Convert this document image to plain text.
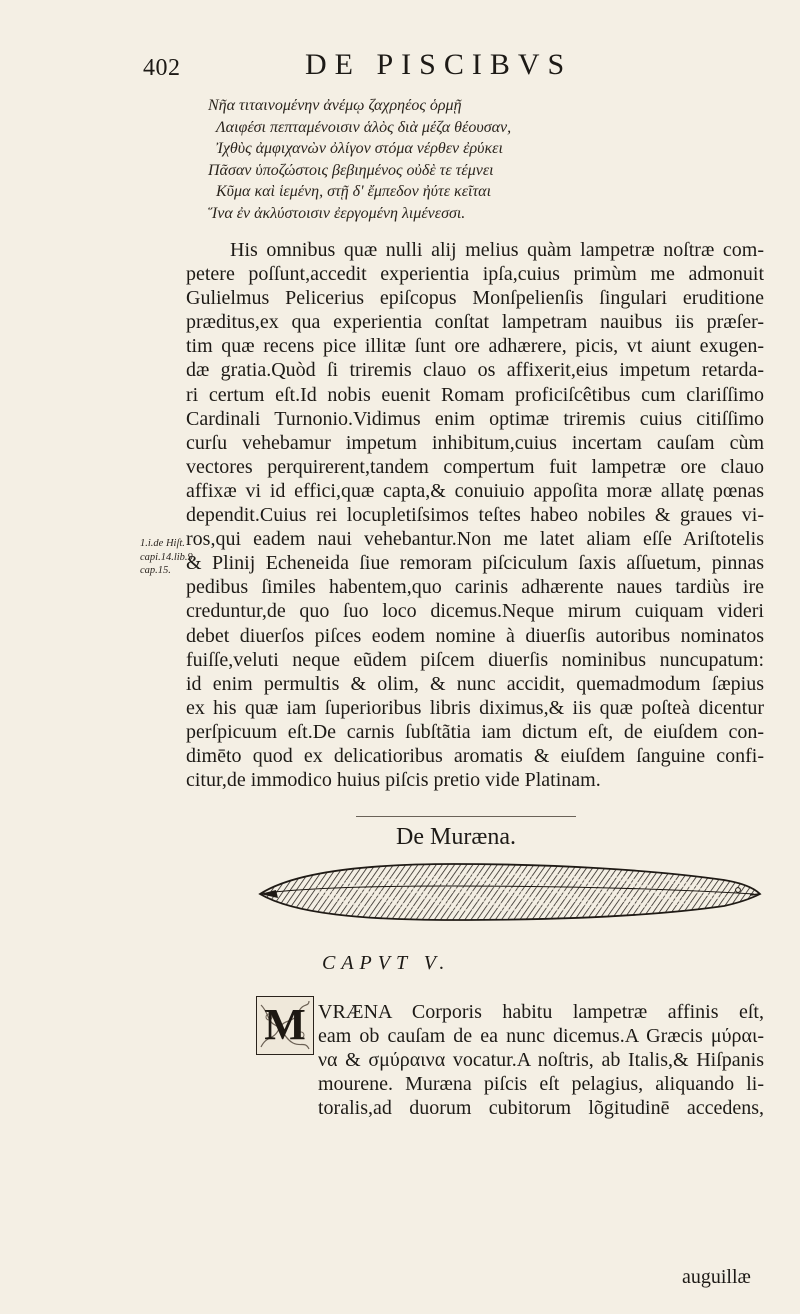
402	DE PISCIBVS
Νῆα τιταινομένην ἀνέμῳ ζαχρηέος ὁρμῇ
Λαιφέσι πεπταμένοισιν ἁλὸς διὰ μέζα θέουσαν,
Ἰχθὺς ἀμφιχανὼν ὀλίγον στόμα νέρθεν ἐρύκει
Πᾶσαν ὑποζώστοις βεβιημένος οὐδὲ τε τέμνει
Κῦμα καὶ ἱεμένη, στῇ δ' ἔμπεδον ἠύτε κεῖται
Ἵνα ἐν ἀκλύστοισιν ἐεργομένη λιμένεσσι.
His omnibus quæ nulli alij melius quàm lampetræ noſtræ com-
petere poſſunt,accedit experientia ipſa,cuius primùm me admonuit
Gulielmus Pelicerius epiſcopus Monſpelienſis ſingulari eruditione
præditus,ex qua experientia conſtat lampetram nauibus iis præſer-
tim quæ recens pice illitæ ſunt ore adhærere, picis, vt aiunt exugen-
dæ gratia.Quòd ſi triremis clauo os affixerit,eius impetum retarda-
ri certum eſt.Id nobis euenit Romam proficiſcêtibus cum clariſſimo
Cardinali Turnonio.Vidimus enim optimæ triremis cuius citiſſimo
curſu vehebamur impetum inhibitum,cuius incertam cauſam cùm
vectores perquirerent,tandem compertum fuit lampetræ ore clauo
affixæ vi id effici,quæ capta,& conuiuio appoſita moræ allatę pœnas
dependit.Cuius rei locupletiſsimos teſtes habeo nobiles & graues vi-
ros,qui eadem naui vehebantur.Non me latet aliam eſſe Ariſtotelis
& Plinij Echeneida ſiue remoram piſciculum ſaxis aſſuetum, pinnas
pedibus ſimiles habentem,quo carinis adhærente naues tardiùs ire
creduntur,de quo ſuo loco dicemus.Neque mirum cuiquam videri
debet diuerſos piſces eodem nomine à diuerſis autoribus nominatos
fuiſſe,veluti neque eũdem piſcem diuerſis nominibus nuncupatum:
id enim permultis & olim, & nunc accidit, quemadmodum ſæpius
ex his quæ iam ſuperioribus libris diximus,& iis quæ poſteà dicentur
perſpicuum eſt.De carnis ſubſtãtia iam dictum eſt, de eiuſdem con-
dimēto quod ex delicatioribus aromatis & eiuſdem ſanguine confi-
citur,de immodico huius piſcis pretio vide Platinam.
1.i.de Hiſt.
capi.14.lib.9.
cap.15.
De Muræna.
CAPVT V.
M VRÆNA Corporis habitu lampetræ affinis eſt,
eam ob cauſam de ea nunc dicemus.A Græcis μύραι-
να & σμύραινα vocatur.A noſtris, ab Italis,& Hiſpanis
mourene. Muræna piſcis eſt pelagius, aliquando li-
toralis,ad duorum cubitorum lõgitudinē accedens,
auguillæ
